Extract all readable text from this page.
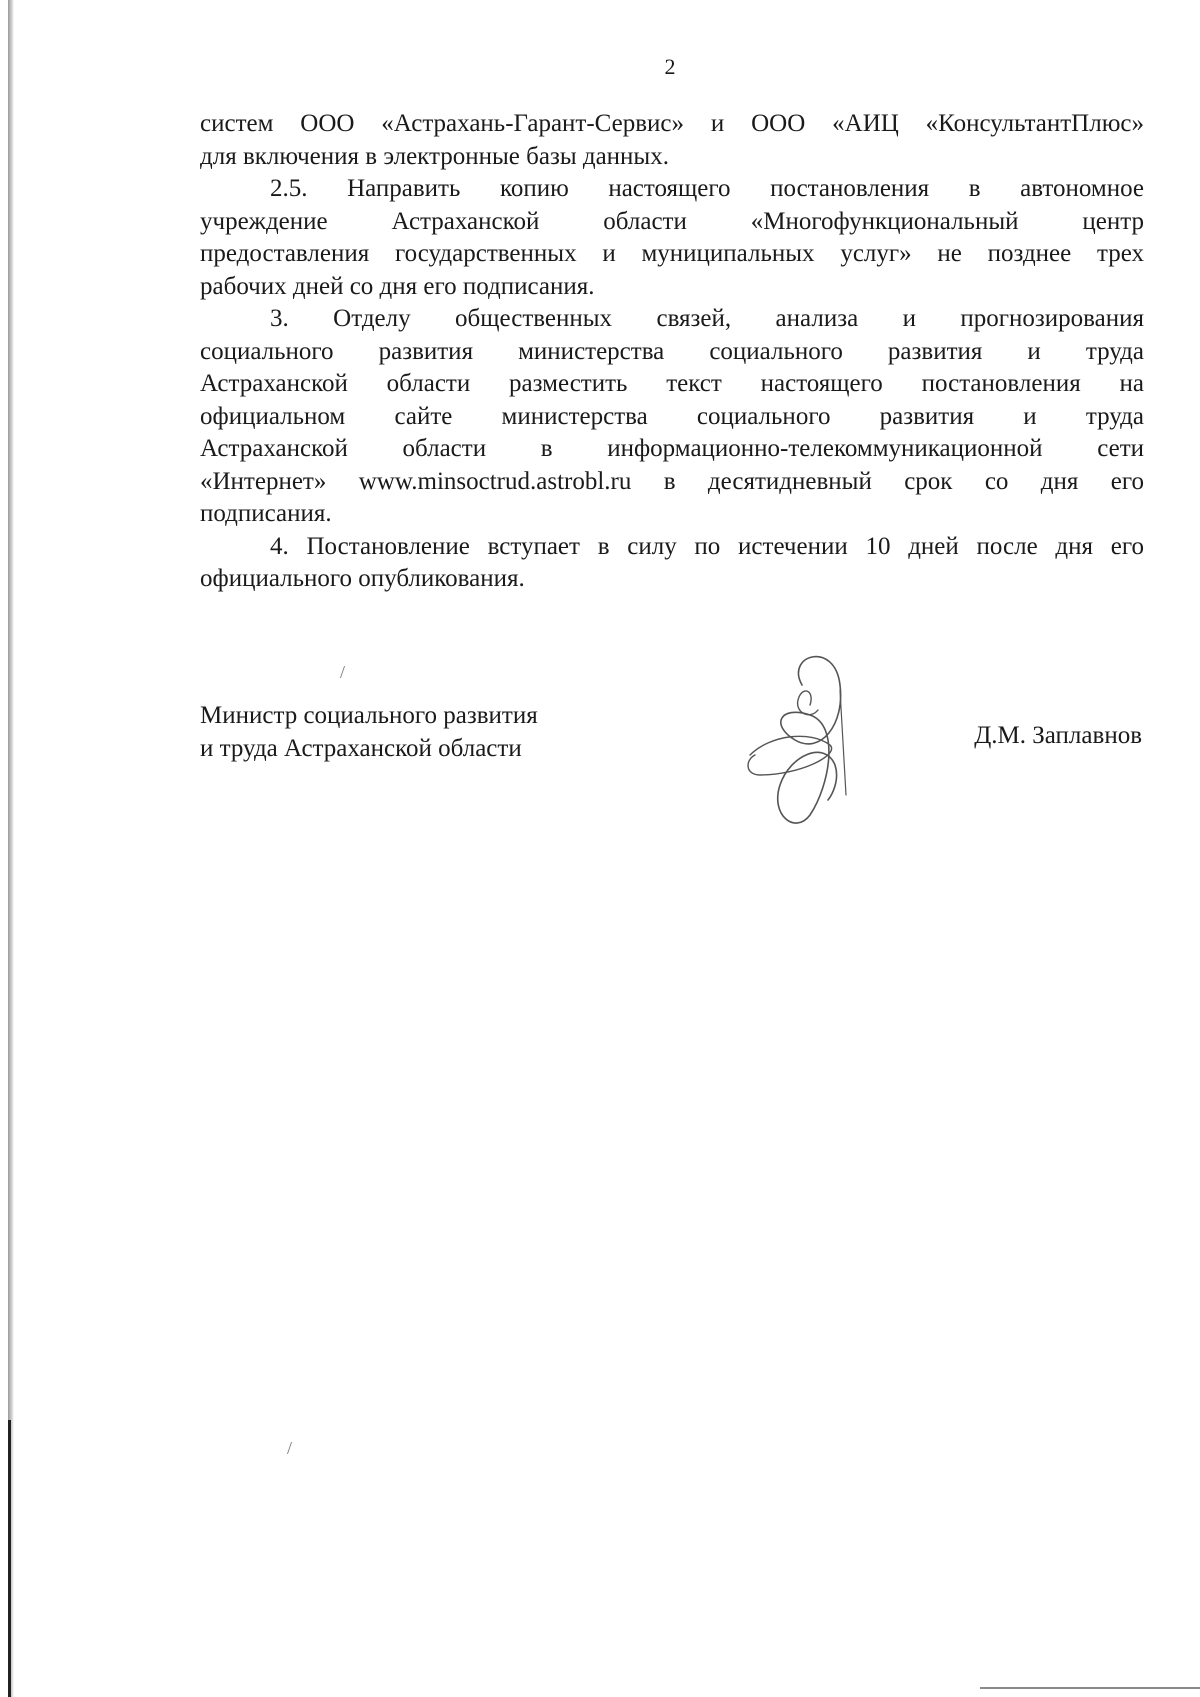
2

систем ООО «Астрахань-Гарант-Сервис» и ООО «АИЦ «КонсультантПлюс»

для включения в электронные базы данных.

2.5. Направить копию настоящего постановления в автономное

учреждение Астраханской области «Многофункциональный центр

предоставления государственных и муниципальных услуг» не позднее трех

рабочих дней со дня его подписания.

3. Отделу общественных связей, анализа и прогнозирования

социального развития министерства социального развития и труда

Астраханской области разместить текст настоящего постановления на

официальном сайте министерства социального развития и труда

Астраханской области в информационно-телекоммуникационной сети

«Интернет» www.minsoctrud.astrobl.ru в десятидневный срок со дня его

подписания.

4. Постановление вступает в силу по истечении 10 дней после дня его

официального опубликования.

Министр социального развития
и труда Астраханской области	Д.М. Заплавнов
/
/
